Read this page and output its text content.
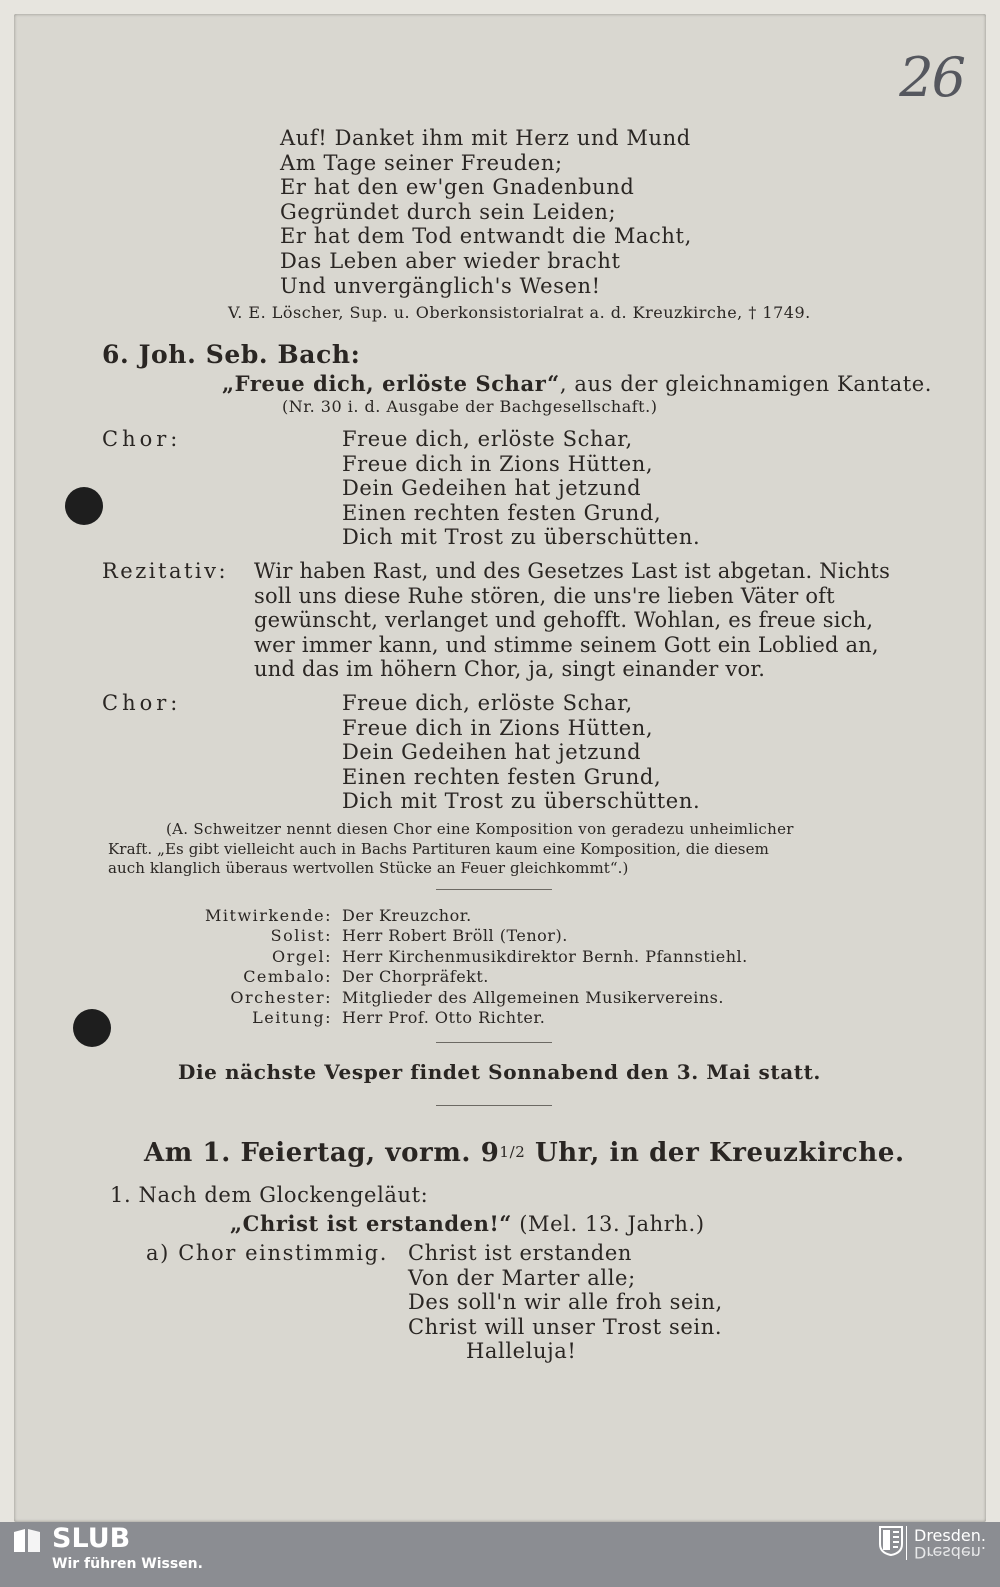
26
Auf! Danket ihm mit Herz und Mund
Am Tage seiner Freuden;
Er hat den ew'gen Gnadenbund
Gegründet durch sein Leiden;
Er hat dem Tod entwandt die Macht,
Das Leben aber wieder bracht
Und unvergänglich's Wesen!
V. E. Löscher, Sup. u. Oberkonsistorialrat a. d. Kreuzkirche, † 1749.
6. Joh. Seb. Bach:
„Freue dich, erlöste Schar“, aus der gleichnamigen Kantate.
(Nr. 30 i. d. Ausgabe der Bachgesellschaft.)
Chor:	Freue dich, erlöste Schar,
Freue dich in Zions Hütten,
Dein Gedeihen hat jetzund
Einen rechten festen Grund,
Dich mit Trost zu überschütten.
Rezitativ: Wir haben Rast, und des Gesetzes Last ist abgetan. Nichts
soll uns diese Ruhe stören, die uns're lieben Väter oft
gewünscht, verlanget und gehofft. Wohlan, es freue sich,
wer immer kann, und stimme seinem Gott ein Loblied an,
und das im höhern Chor, ja, singt einander vor.
Chor:	Freue dich, erlöste Schar,
Freue dich in Zions Hütten,
Dein Gedeihen hat jetzund
Einen rechten festen Grund,
Dich mit Trost zu überschütten.
(A. Schweitzer nennt diesen Chor eine Komposition von geradezu unheimlicher
Kraft. „Es gibt vielleicht auch in Bachs Partituren kaum eine Komposition, die diesem
auch klanglich überaus wertvollen Stücke an Feuer gleichkommt“.)

Mitwirkende:

Der Kreuzchor.

Solist:

Herr Robert Bröll (Tenor).

Orgel:

Herr Kirchenmusikdirektor Bernh. Pfannstiehl.

Cembalo:

Der Chorpräfekt.

Orchester:

Mitglieder des Allgemeinen Musikervereins.

Leitung:

Herr Prof. Otto Richter.

Die nächste Vesper findet Sonnabend den 3. Mai statt.
Am 1. Feiertag, vorm. 91/2 Uhr, in der Kreuzkirche.
1. Nach dem Glockengeläut:
„Christ ist erstanden!“ (Mel. 13. Jahrh.)
a) Chor einstimmig. Christ ist erstanden
Von der Marter alle;
Des soll'n wir alle froh sein,
Christ will unser Trost sein.
Halleluja!
SLUB
Wir führen Wissen.
Dresden.
Dresden.
